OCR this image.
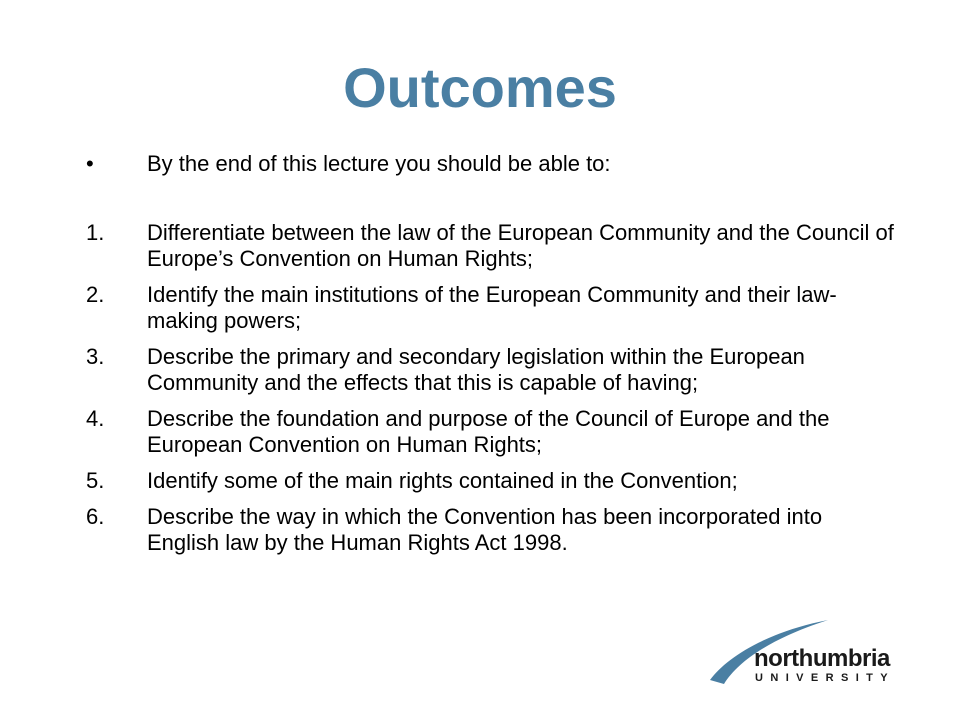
Outcomes
• By the end of this lecture you should be able to:
1. Differentiate between the law of the European Community and the Council of Europe’s Convention on Human Rights;
2. Identify the main institutions of the European Community and their law-making powers;
3. Describe the primary and secondary legislation within the European Community and the effects that this is capable of having;
4. Describe the foundation and purpose of the Council of Europe and the European Convention on Human Rights;
5. Identify some of the main rights contained in the Convention;
6. Describe the way in which the Convention has been incorporated into English law by the Human Rights Act 1998.
northumbria
UNIVERSITY
